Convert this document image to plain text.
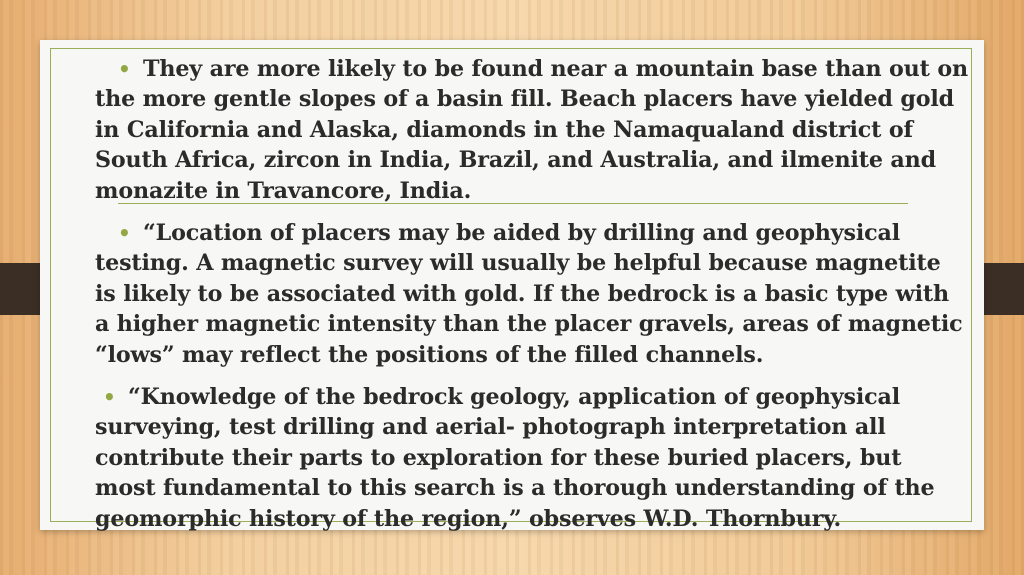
• They are more likely to be found near a mountain base than out on the more gentle slopes of a basin fill. Beach placers have yielded gold in California and Alaska, diamonds in the Namaqualand district of South Africa, zircon in India, Brazil, and Australia, and ilmenite and monazite in Travancore, India.
• “Location of placers may be aided by drilling and geophysical testing. A magnetic survey will usually be helpful because magnetite is likely to be associated with gold. If the bedrock is a basic type with a higher magnetic intensity than the placer gravels, areas of magnetic “lows” may reflect the positions of the filled channels.
• “Knowledge of the bedrock geology, application of geophysical surveying, test drilling and aerial- photograph interpretation all contribute their parts to exploration for these buried placers, but most fundamental to this search is a thorough understanding of the geomorphic history of the region,” observes W.D. Thornbury.
